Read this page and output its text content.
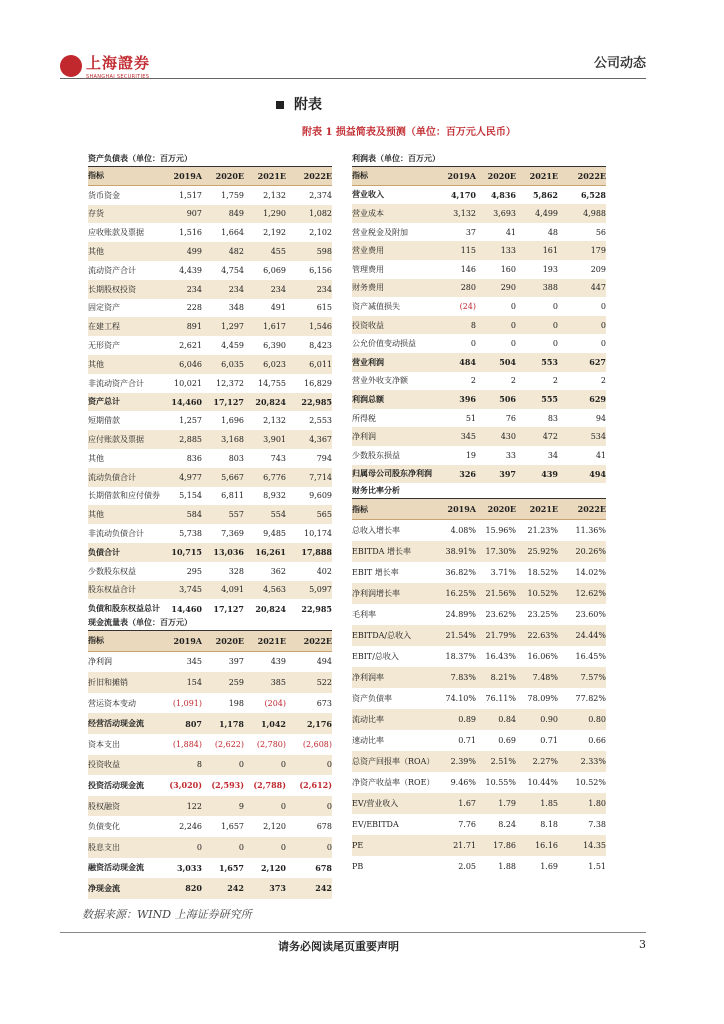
上海證券
SHANGHAI SECURITIES
公司动态
附表
附表 1 损益简表及预测（单位：百万元人民币）
资产负债表（单位：百万元）
指标	2019A	2020E	2021E	2022E
货币资金	1,517	1,759	2,132	2,374
存货	907	849	1,290	1,082
应收账款及票据	1,516	1,664	2,192	2,102
其他	499	482	455	598
流动资产合计	4,439	4,754	6,069	6,156
长期股权投资	234	234	234	234
固定资产	228	348	491	615
在建工程	891	1,297	1,617	1,546
无形资产	2,621	4,459	6,390	8,423
其他	6,046	6,035	6,023	6,011
非流动资产合计	10,021	12,372	14,755	16,829
资产总计	14,460	17,127	20,824	22,985
短期借款	1,257	1,696	2,132	2,553
应付账款及票据	2,885	3,168	3,901	4,367
其他	836	803	743	794
流动负债合计	4,977	5,667	6,776	7,714
长期借款和应付债券	5,154	6,811	8,932	9,609
其他	584	557	554	565
非流动负债合计	5,738	7,369	9,485	10,174
负债合计	10,715	13,036	16,261	17,888
少数股东权益	295	328	362	402
股东权益合计	3,745	4,091	4,563	5,097
负债和股东权益总计	14,460	17,127	20,824	22,985
现金流量表（单位：百万元）
指标	2019A	2020E	2021E	2022E
净利润	345	397	439	494
折旧和摊销	154	259	385	522
营运资本变动	(1,091)	198	(204)	673
经营活动现金流	807	1,178	1,042	2,176
资本支出	(1,884)	(2,622)	(2,780)	(2,608)
投资收益	8	0	0	0
投资活动现金流	(3,020)	(2,593)	(2,788)	(2,612)
股权融资	122	9	0	0
负债变化	2,246	1,657	2,120	678
股息支出	0	0	0	0
融资活动现金流	3,033	1,657	2,120	678
净现金流	820	242	373	242
利润表（单位：百万元）
指标	2019A	2020E	2021E	2022E
营业收入	4,170	4,836	5,862	6,528
营业成本	3,132	3,693	4,499	4,988
营业税金及附加	37	41	48	56
营业费用	115	133	161	179
管理费用	146	160	193	209
财务费用	280	290	388	447
资产减值损失	(24)	0	0	0
投资收益	8	0	0	0
公允价值变动损益	0	0	0	0
营业利润	484	504	553	627
营业外收支净额	2	2	2	2
利润总额	396	506	555	629
所得税	51	76	83	94
净利润	345	430	472	534
少数股东损益	19	33	34	41
归属母公司股东净利润	326	397	439	494
财务比率分析
指标	2019A	2020E	2021E	2022E
总收入增长率	4.08%	15.96%	21.23%	11.36%
EBITDA 增长率	38.91%	17.30%	25.92%	20.26%
EBIT 增长率	36.82%	3.71%	18.52%	14.02%
净利润增长率	16.25%	21.56%	10.52%	12.62%
毛利率	24.89%	23.62%	23.25%	23.60%
EBITDA/总收入	21.54%	21.79%	22.63%	24.44%
EBIT/总收入	18.37%	16.43%	16.06%	16.45%
净利润率	7.83%	8.21%	7.48%	7.57%
资产负债率	74.10%	76.11%	78.09%	77.82%
流动比率	0.89	0.84	0.90	0.80
速动比率	0.71	0.69	0.71	0.66
总资产回报率（ROA）	2.39%	2.51%	2.27%	2.33%
净资产收益率（ROE）	9.46%	10.55%	10.44%	10.52%
EV/营业收入	1.67	1.79	1.85	1.80
EV/EBITDA	7.76	8.24	8.18	7.38
PE	21.71	17.86	16.16	14.35
PB	2.05	1.88	1.69	1.51
数据来源：WIND 上海证券研究所
请务必阅读尾页重要声明	3
